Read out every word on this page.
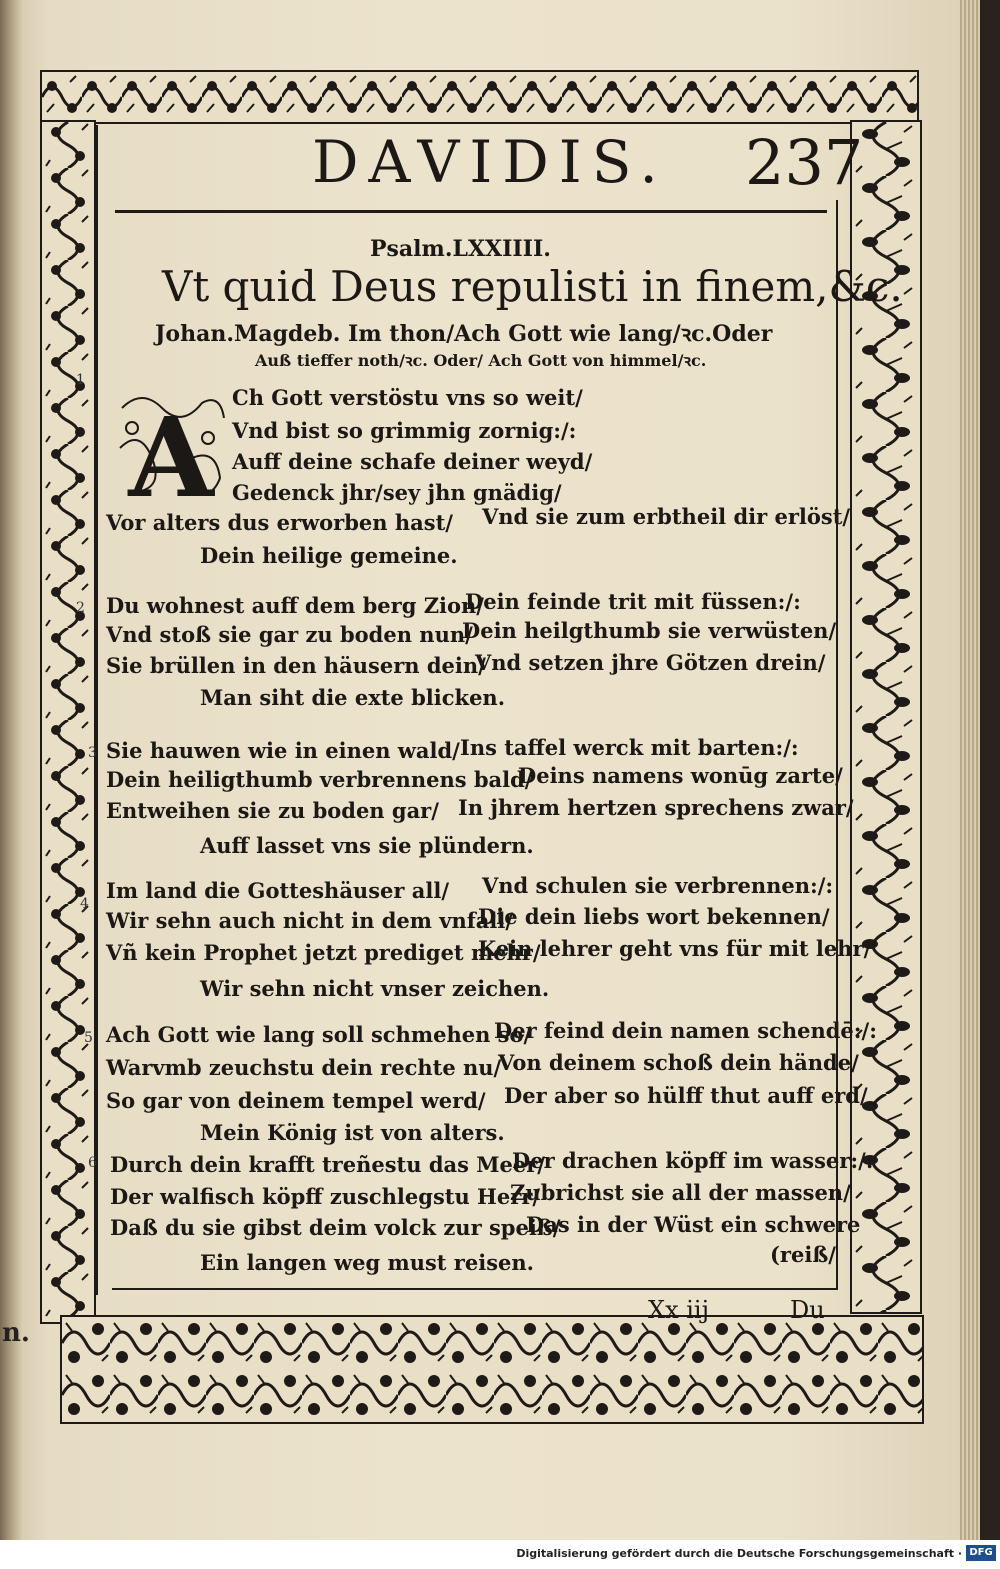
n.
DAVIDIS. 237
Psalm.LXXIIII.
Vt quid Deus repulisti in finem,&c.
Johan.Magdeb. Im thon/Ach Gott wie lang/ꝛc.Oder
Auß tieffer noth/ꝛc. Oder/ Ach Gott von himmel/ꝛc.
A
1
Ch Gott verstöstu vns so weit/
Vnd bist so grimmig zornig:/:
Auff deine schafe deiner weyd/
Gedenck jhr/sey jhn gnädig/
Vor alters dus erworben hast/ Vnd sie zum erbtheil dir erlöst/
Dein heilige gemeine.
2 Du wohnest auff dem berg Zion/
Dein feinde trit mit füssen:/:
Vnd stoß sie gar zu boden nun/
Dein heilgthumb sie verwüsten/
Sie brüllen in den häusern dein/
Vnd setzen jhre Götzen drein/
Man siht die exte blicken.
3 Sie hauwen wie in einen wald/ Ins taffel werck mit barten:/:
Dein heiligthumb verbrennens bald/
Deins namens wonūg zarte/
Entweihen sie zu boden gar/ In jhrem hertzen sprechens zwar/
Auff lasset vns sie plündern.
4
Im land die Gotteshäuser all/ Vnd schulen sie verbrennen:/:
Wir sehn auch nicht in dem vnfall/
Die dein liebs wort bekennen/
Vñ kein Prophet jetzt prediget mehr/
Kein lehrer geht vns für mit lehr/
Wir sehn nicht vnser zeichen.
5 Ach Gott wie lang soll schmehen so/
Der feind dein namen schendē:/:
Warvmb zeuchstu dein rechte nu/
Von deinem schoß dein hände/
So gar von deinem tempel werd/ Der aber so hülff thut auff erd/
Mein König ist von alters.
6 Durch dein krafft treñestu das Meer/
Der drachen köpff im wasser:/:
Der walfisch köpff zuschlegstu Herr/
Zubrichst sie all der massen/
Daß du sie gibst deim volck zur speiß/
Das in der Wüst ein schwere
Ein langen weg must reisen.	(reiß/
Xx iij	Du
Digitalisierung gefördert durch die Deutsche Forschungsgemeinschaft · DFG
